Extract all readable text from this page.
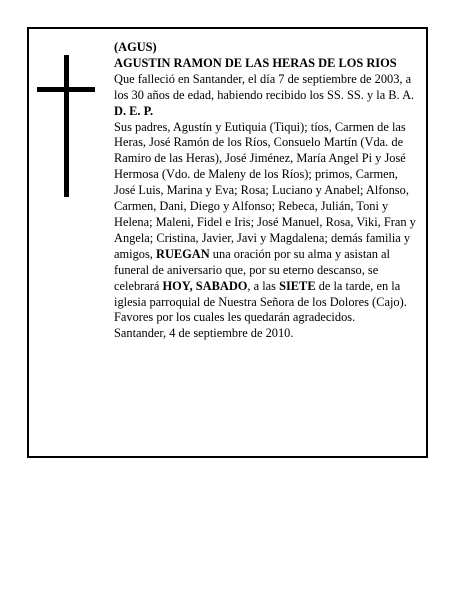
(AGUS)

AGUSTIN RAMON DE LAS HERAS DE LOS RIOS

Que falleció en Santander, el día 7 de septiembre de 2003, a los 30 años de edad, habiendo recibido los SS. SS. y la B. A.

D. E. P.

Sus padres, Agustín y Eutiquia (Tiqui); tíos, Carmen de las Heras, José Ramón de los Ríos, Consuelo Martín (Vda. de Ramiro de las Heras), José Jiménez, María Angel Pi y José Hermosa (Vdo. de Maleny de los Ríos); primos, Carmen, José Luis, Marina y Eva; Rosa; Luciano y Anabel; Alfonso, Carmen, Dani, Diego y Alfonso; Rebeca, Julián, Toni y Helena; Maleni, Fidel e Iris; José Manuel, Rosa, Viki, Fran y Angela; Cristina, Javier, Javi y Magdalena; demás familia y amigos, RUEGAN una oración por su alma y asistan al funeral de aniversario que, por su eterno descanso, se celebrará HOY, SABADO, a las SIETE de la tarde, en la iglesia parroquial de Nuestra Señora de los Dolores (Cajo). Favores por los cuales les quedarán agradecidos.

Santander, 4 de septiembre de 2010.
